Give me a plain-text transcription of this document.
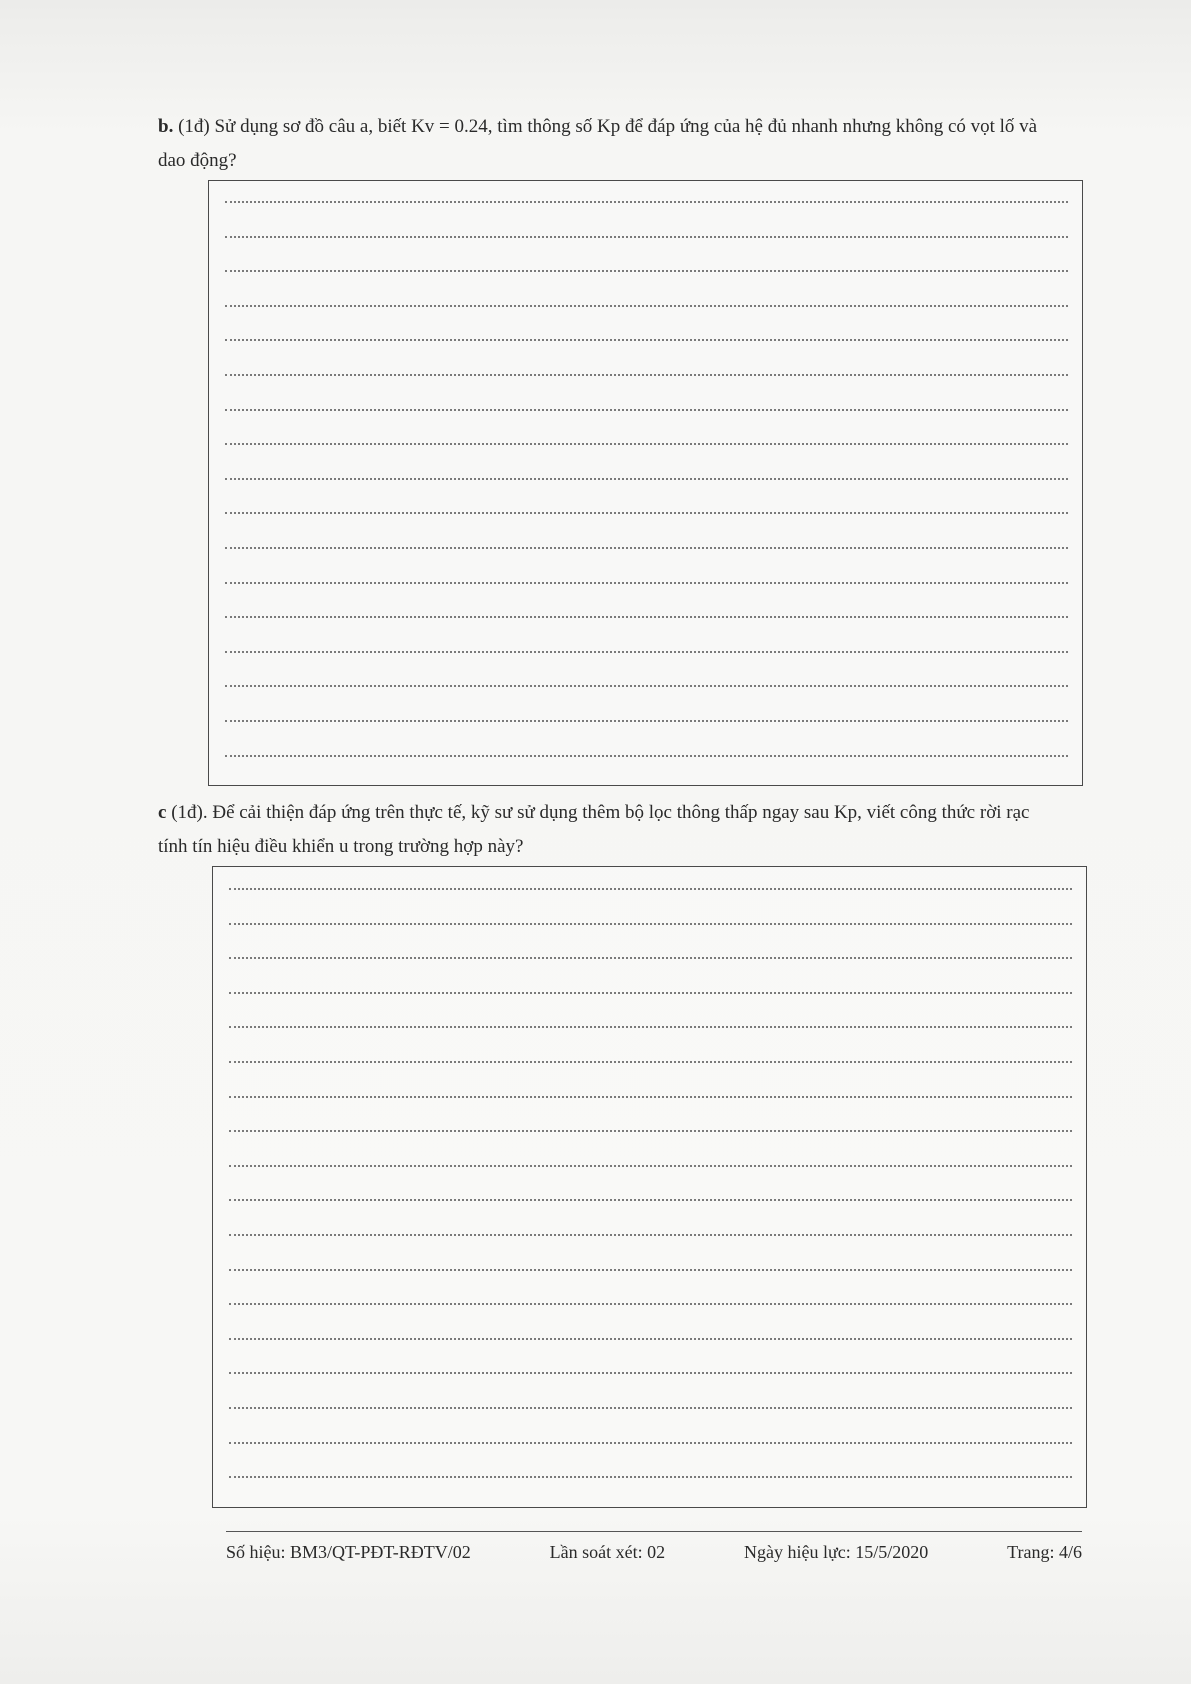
b. (1đ) Sử dụng sơ đồ câu a, biết Kv = 0.24, tìm thông số Kp để đáp ứng của hệ đủ nhanh nhưng không có vọt lố và dao động?
c (1đ). Để cải thiện đáp ứng trên thực tế, kỹ sư sử dụng thêm bộ lọc thông thấp ngay sau Kp, viết công thức rời rạc tính tín hiệu điều khiển u trong trường hợp này?
Số hiệu: BM3/QT-PĐT-RĐTV/02	Lần soát xét: 02	Ngày hiệu lực: 15/5/2020	Trang: 4/6
